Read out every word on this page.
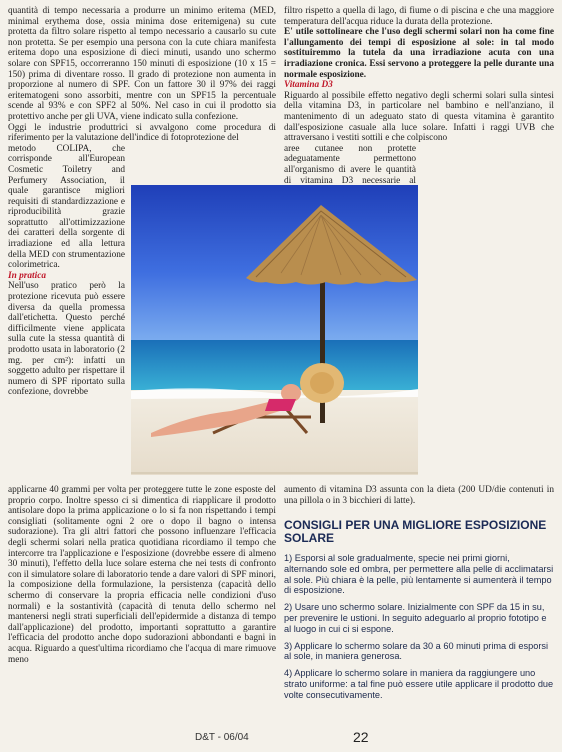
quantità di tempo necessaria a produrre un minimo eritema (MED, minimal erythema dose, ossia minima dose eritemigena) su cute protetta da filtro solare rispetto al tempo necessario a causarlo su cute non protetta. Se per esempio una persona con la cute chiara manifesta eritema dopo una esposizione di dieci minuti, usando uno schermo solare con SPF15, occorreranno 150 minuti di esposizione (10 x 15 = 150) prima di diventare rosso. Il grado di protezione non aumenta in proporzione al numero di SPF. Con un fattore 30 il 97% dei raggi eritematogeni sono assorbiti, mentre con un SPF15 la percentuale scende al 93% e con SPF2 al 50%. Nel caso in cui il prodotto sia protettivo anche per gli UVA, viene indicato sulla confezione.

Oggi le industrie produttrici si avvalgono come procedura di riferimento per la valutazione dell'indice di fotoprotezione del

metodo COLIPA, che corrisponde all'European Cosmetic Toiletry and Perfumery Association, il quale garantisce migliori requisiti di standardizzazione e riproducibilità grazie soprattutto all'ottimizzazione dei caratteri della sorgente di irradiazione ed alla lettura della MED con strumentazione colorimetrica.

In pratica

Nell'uso pratico però la protezione ricevuta può essere diversa da quella promessa dall'etichetta. Questo perché difficilmente viene applicata sulla cute la stessa quantità di prodotto usata in laboratorio (2 mg. per cm²): infatti un soggetto adulto per rispettare il numero di SPF riportato sulla confezione, dovrebbe

applicarne 40 grammi per volta per proteggere tutte le zone esposte del proprio corpo. Inoltre spesso ci si dimentica di riapplicare il prodotto antisolare dopo la prima applicazione o lo si fa non rispettando i tempi consigliati (solitamente ogni 2 ore o dopo il bagno o intensa sudorazione). Tra gli altri fattori che possono influenzare l'efficacia degli schermi solari nella pratica quotidiana ricordiamo il tempo che intercorre tra l'applicazione e l'esposizione (dovrebbe essere di almeno 30 minuti), l'effetto della luce solare esterna che nei tests di confronto con il simulatore solare di laboratorio tende a dare valori di SPF minori, la composizione della formulazione, la persistenza (capacità dello schermo di conservare la propria efficacia nelle condizioni d'uso normali) e la sostantività (capacità di tenuta dello schermo nel mantenersi negli strati superficiali dell'epidermide a distanza di tempo dall'applicazione) del prodotto, importanti soprattutto a garantire l'efficacia del prodotto anche dopo sudorazioni abbondanti e bagni in acqua. Riguardo a quest'ultima ricordiamo che l'acqua di mare rimuove meno

filtro rispetto a quella di lago, di fiume o di piscina e che una maggiore temperatura dell'acqua riduce la durata della protezione.

E' utile sottolineare che l'uso degli schermi solari non ha come fine l'allungamento dei tempi di esposizione al sole: in tal modo sostituiremmo la tutela da una irradiazione acuta con una irradiazione cronica. Essi servono a proteggere la pelle durante una normale esposizione.

Vitamina D3

Riguardo al possibile effetto negativo degli schermi solari sulla sintesi della vitamina D3, in particolare nel bambino e nell'anziano, il mantenimento di un adeguato stato di questa vitamina è garantito dall'esposizione casuale alla luce solare. Infatti i raggi UVB che attraversano i vestiti sottili e che colpiscono

aree cutanee non protette adeguatamente permettono all'organismo di avere le quantità di vitamina D3 necessarie al

aumento di vitamina D3 assunta con la dieta (200 UD/die contenuti in una pillola o in 3 bicchieri di latte).

CONSIGLI PER UNA MIGLIORE ESPOSIZIONE SOLARE
1) Esporsi al sole gradualmente, specie nei primi giorni, alternando sole ed ombra, per permettere alla pelle di acclimatarsi al sole. Più chiara è la pelle, più lentamente si aumenterà il tempo di esposizione.
2) Usare uno schermo solare. Inizialmente con SPF da 15 in su, per prevenire le ustioni. In seguito adeguarlo al proprio fototipo e al luogo in cui ci si espone.
3) Applicare lo schermo solare da 30 a 60 minuti prima di esporsi al sole, in maniera generosa.
4) Applicare lo schermo solare in maniera da raggiungere uno strato uniforme: a tal fine può essere utile applicare il prodotto due volte consecutivamente.
D&T - 06/04	22
